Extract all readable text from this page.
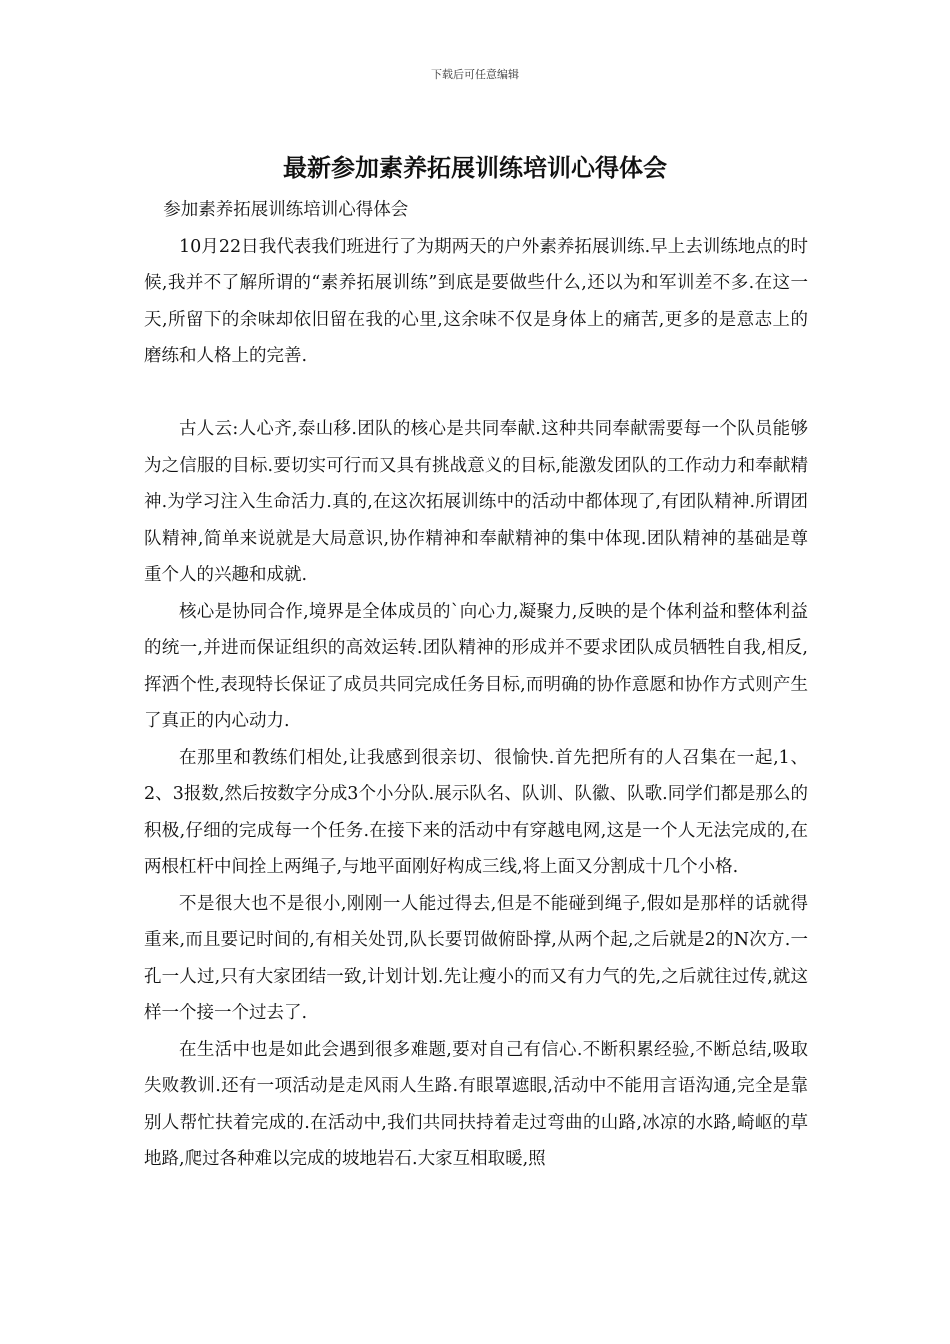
下载后可任意编辑
最新参加素养拓展训练培训心得体会

参加素养拓展训练培训心得体会

10月22日我代表我们班进行了为期两天的户外素养拓展训练.早上去训练地点的时候,我并不了解所谓的“素养拓展训练”到底是要做些什么,还以为和军训差不多.在这一天,所留下的余味却依旧留在我的心里,这余味不仅是身体上的痛苦,更多的是意志上的磨练和人格上的完善.

古人云:人心齐,泰山移.团队的核心是共同奉献.这种共同奉献需要每一个队员能够为之信服的目标.要切实可行而又具有挑战意义的目标,能激发团队的工作动力和奉献精神.为学习注入生命活力.真的,在这次拓展训练中的活动中都体现了,有团队精神.所谓团队精神,简单来说就是大局意识,协作精神和奉献精神的集中体现.团队精神的基础是尊重个人的兴趣和成就.

核心是协同合作,境界是全体成员的`向心力,凝聚力,反映的是个体利益和整体利益的统一,并进而保证组织的高效运转.团队精神的形成并不要求团队成员牺牲自我,相反,挥洒个性,表现特长保证了成员共同完成任务目标,而明确的协作意愿和协作方式则产生了真正的内心动力.

在那里和教练们相处,让我感到很亲切、很愉快.首先把所有的人召集在一起,1、2、3报数,然后按数字分成3个小分队.展示队名、队训、队徽、队歌.同学们都是那么的积极,仔细的完成每一个任务.在接下来的活动中有穿越电网,这是一个人无法完成的,在两根杠杆中间拴上两绳子,与地平面刚好构成三线,将上面又分割成十几个小格.

不是很大也不是很小,刚刚一人能过得去,但是不能碰到绳子,假如是那样的话就得重来,而且要记时间的,有相关处罚,队长要罚做俯卧撑,从两个起,之后就是2的N次方.一孔一人过,只有大家团结一致,计划计划.先让瘦小的而又有力气的先,之后就往过传,就这样一个接一个过去了.

在生活中也是如此会遇到很多难题,要对自己有信心.不断积累经验,不断总结,吸取失败教训.还有一项活动是走风雨人生路.有眼罩遮眼,活动中不能用言语沟通,完全是靠别人帮忙扶着完成的.在活动中,我们共同扶持着走过弯曲的山路,冰凉的水路,崎岖的草地路,爬过各种难以完成的坡地岩石.大家互相取暖,照
